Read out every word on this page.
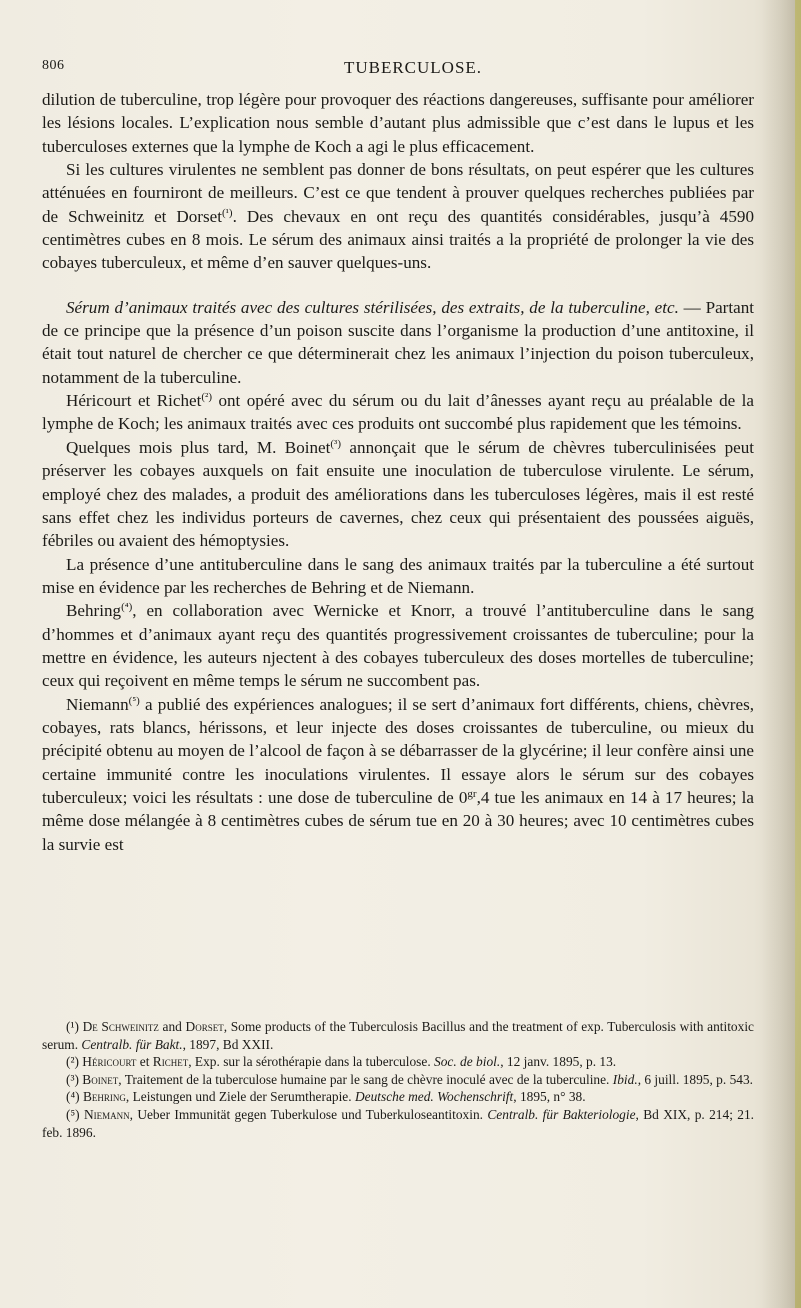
806	TUBERCULOSE.

dilution de tuberculine, trop légère pour provoquer des réactions dangereuses, suffisante pour améliorer les lésions locales. L’explication nous semble d’autant plus admissible que c’est dans le lupus et les tuberculoses externes que la lymphe de Koch a agi le plus efficacement.

Si les cultures virulentes ne semblent pas donner de bons résultats, on peut espérer que les cultures atténuées en fourniront de meilleurs. C’est ce que tendent à prouver quelques recherches publiées par de Schweinitz et Dorset$^{(^1)}$. Des chevaux en ont reçu des quantités considérables, jusqu’à 4590 centimètres cubes en 8 mois. Le sérum des animaux ainsi traités a la propriété de prolonger la vie des cobayes tuberculeux, et même d’en sauver quelques-uns.

Sérum d’animaux traités avec des cultures stérilisées, des extraits, de la tuberculine, etc. — Partant de ce principe que la présence d’un poison suscite dans l’organisme la production d’une antitoxine, il était tout naturel de chercher ce que déterminerait chez les animaux l’injection du poison tuberculeux, notamment de la tuberculine.

Héricourt et Richet$^{(^2)}$ ont opéré avec du sérum ou du lait d’ânesses ayant reçu au préalable de la lymphe de Koch; les animaux traités avec ces produits ont succombé plus rapidement que les témoins.

Quelques mois plus tard, M. Boinet$^{(^3)}$ annonçait que le sérum de chèvres tuberculinisées peut préserver les cobayes auxquels on fait ensuite une inoculation de tuberculose virulente. Le sérum, employé chez des malades, a produit des améliorations dans les tuberculoses légères, mais il est resté sans effet chez les individus porteurs de cavernes, chez ceux qui présentaient des poussées aiguës, fébriles ou avaient des hémoptysies.

La présence d’une antituberculine dans le sang des animaux traités par la tuberculine a été surtout mise en évidence par les recherches de Behring et de Niemann.

Behring$^{(^4)}$, en collaboration avec Wernicke et Knorr, a trouvé l’antituberculine dans le sang d’hommes et d’animaux ayant reçu des quantités progressivement croissantes de tuberculine; pour la mettre en évidence, les auteurs njectent à des cobayes tuberculeux des doses mortelles de tuberculine; ceux qui reçoivent en même temps le sérum ne succombent pas.

Niemann$^{(^5)}$ a publié des expériences analogues; il se sert d’animaux fort différents, chiens, chèvres, cobayes, rats blancs, hérissons, et leur injecte des doses croissantes de tuberculine, ou mieux du précipité obtenu au moyen de l’alcool de façon à se débarrasser de la glycérine; il leur confère ainsi une certaine immunité contre les inoculations virulentes. Il essaye alors le sérum sur des cobayes tuberculeux; voici les résultats : une dose de tuberculine de $0^{gr},4$ tue les animaux en 14 à 17 heures; la même dose mélangée à 8 centimètres cubes de sérum tue en 20 à 30 heures; avec 10 centimètres cubes la survie est

(¹) De Schweinitz and Dorset, Some products of the Tuberculosis Bacillus and the treatment of exp. Tuberculosis with antitoxic serum. Centralb. für Bakt., 1897, Bd XXII.

(²) Héricourt et Richet, Exp. sur la sérothérapie dans la tuberculose. Soc. de biol., 12 janv. 1895, p. 13.

(³) Boinet, Traitement de la tuberculose humaine par le sang de chèvre inoculé avec de la tuberculine. Ibid., 6 juill. 1895, p. 543.

(⁴) Behring, Leistungen und Ziele der Serumtherapie. Deutsche med. Wochenschrift, 1895, n° 38.

(⁵) Niemann, Ueber Immunität gegen Tuberkulose und Tuberkuloseantitoxin. Centralb. für Bakteriologie, Bd XIX, p. 214; 21. feb. 1896.
